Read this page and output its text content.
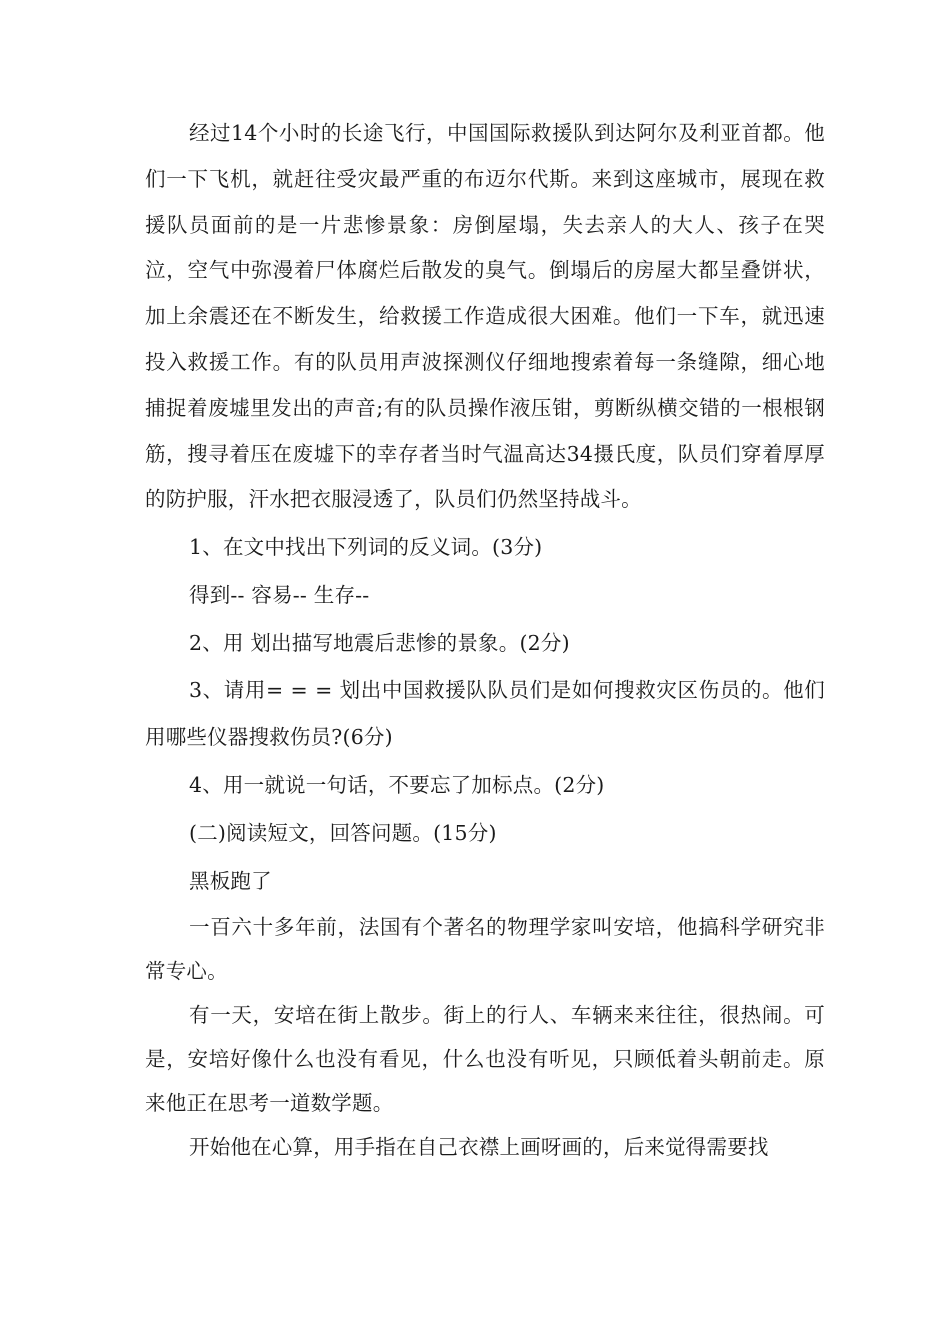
经过14个小时的长途飞行，中国国际救援队到达阿尔及利亚首都。他们一下飞机，就赶往受灾最严重的布迈尔代斯。来到这座城市，展现在救援队员面前的是一片悲惨景象：房倒屋塌，失去亲人的大人、孩子在哭泣，空气中弥漫着尸体腐烂后散发的臭气。倒塌后的房屋大都呈叠饼状，加上余震还在不断发生，给救援工作造成很大困难。他们一下车，就迅速投入救援工作。有的队员用声波探测仪仔细地搜索着每一条缝隙，细心地捕捉着废墟里发出的声音;有的队员操作液压钳，剪断纵横交错的一根根钢筋，搜寻着压在废墟下的幸存者当时气温高达34摄氏度，队员们穿着厚厚的防护服，汗水把衣服浸透了，队员们仍然坚持战斗。

1、在文中找出下列词的反义词。(3分)

得到-- 容易-- 生存--

2、用 划出描写地震后悲惨的景象。(2分)

3、请用= = = 划出中国救援队队员们是如何搜救灾区伤员的。他们用哪些仪器搜救伤员?(6分)

4、用一就说一句话，不要忘了加标点。(2分)

(二)阅读短文，回答问题。(15分)

黑板跑了

一百六十多年前，法国有个著名的物理学家叫安培，他搞科学研究非常专心。

有一天，安培在街上散步。街上的行人、车辆来来往往，很热闹。可是，安培好像什么也没有看见，什么也没有听见，只顾低着头朝前走。原来他正在思考一道数学题。

开始他在心算，用手指在自己衣襟上画呀画的，后来觉得需要找
